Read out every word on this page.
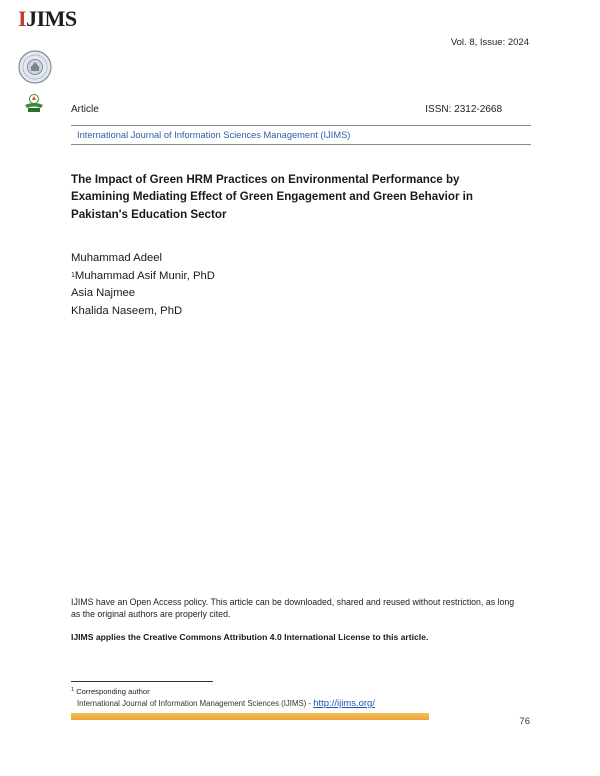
IJIMS
Vol. 8, Issue: 2024
Article	ISSN: 2312-2668
International Journal of Information Sciences Management (IJIMS)
The Impact of Green HRM Practices on Environmental Performance by Examining Mediating Effect of Green Engagement and Green Behavior in Pakistan's Education Sector
Muhammad Adeel
$^1$Muhammad Asif Munir, PhD
Asia Najmee
Khalida Naseem, PhD
IJIMS have an Open Access policy. This article can be downloaded, shared and reused without restriction, as long as the original authors are properly cited.
IJIMS applies the Creative Commons Attribution 4.0 International License to this article.
$^1$ Corresponding author
International Journal of Information Management Sciences (IJIMS) - http://ijims.org/
76
